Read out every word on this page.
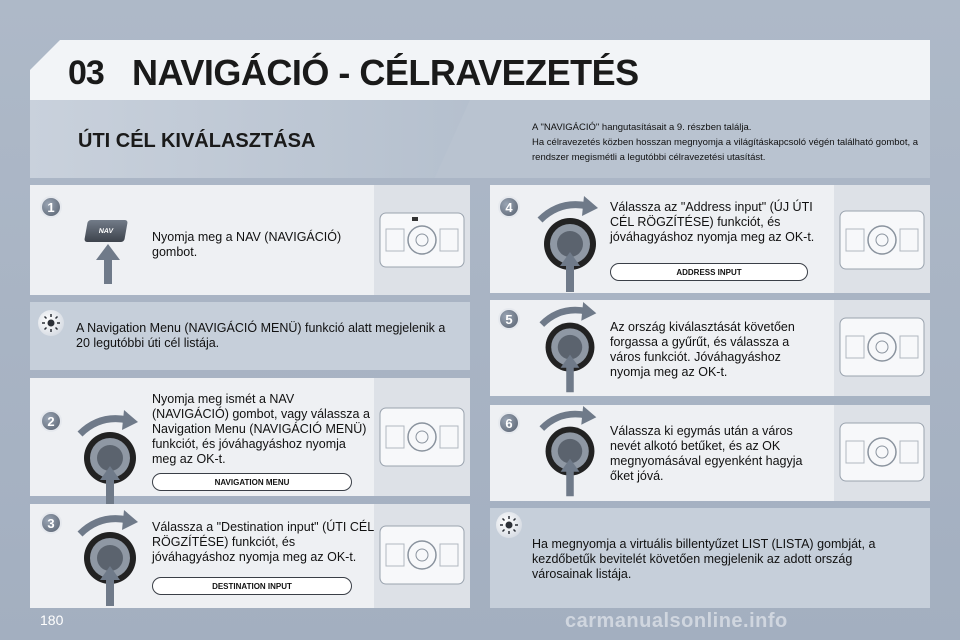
03 NAVIGÁCIÓ - CÉLRAVEZETÉS
ÚTI CÉL KIVÁLASZTÁSA
A "NAVIGÁCIÓ" hangutasításait a 9. részben találja.
Ha célravezetés közben hosszan megnyomja a világításkapcsoló végén található gombot, a rendszer megismétli a legutóbbi célravezetési utasítást.
1
NAV	Nyomja meg a NAV (NAVIGÁCIÓ) gombot.
A Navigation Menu (NAVIGÁCIÓ MENÜ) funkció alatt megjelenik a 20 legutóbbi úti cél listája.
2
Nyomja meg ismét a NAV (NAVIGÁCIÓ) gombot, vagy válassza a Navigation Menu (NAVIGÁCIÓ MENÜ) funkciót, és jóváhagyáshoz nyomja meg az OK-t.
NAVIGATION MENU
3	Válassza a "Destination input" (ÚTI CÉL RÖGZÍTÉSE) funkciót, és jóváhagyáshoz nyomja meg az OK-t.
DESTINATION INPUT
4	Válassza az "Address input" (ÚJ ÚTI CÉL RÖGZÍTÉSE) funkciót, és jóváhagyáshoz nyomja meg az OK-t.
ADDRESS INPUT
5
Az ország kiválasztását követően forgassa a gyűrűt, és válassza a város funkciót. Jóváhagyáshoz nyomja meg az OK-t.
6
Válassza ki egymás után a város nevét alkotó betűket, és az OK megnyomásával egyenként hagyja őket jóvá.
Ha megnyomja a virtuális billentyűzet LIST (LISTA) gombját, a kezdőbetűk bevitelét követően megjelenik az adott ország városainak listája.
180	carmanualsonline.info
